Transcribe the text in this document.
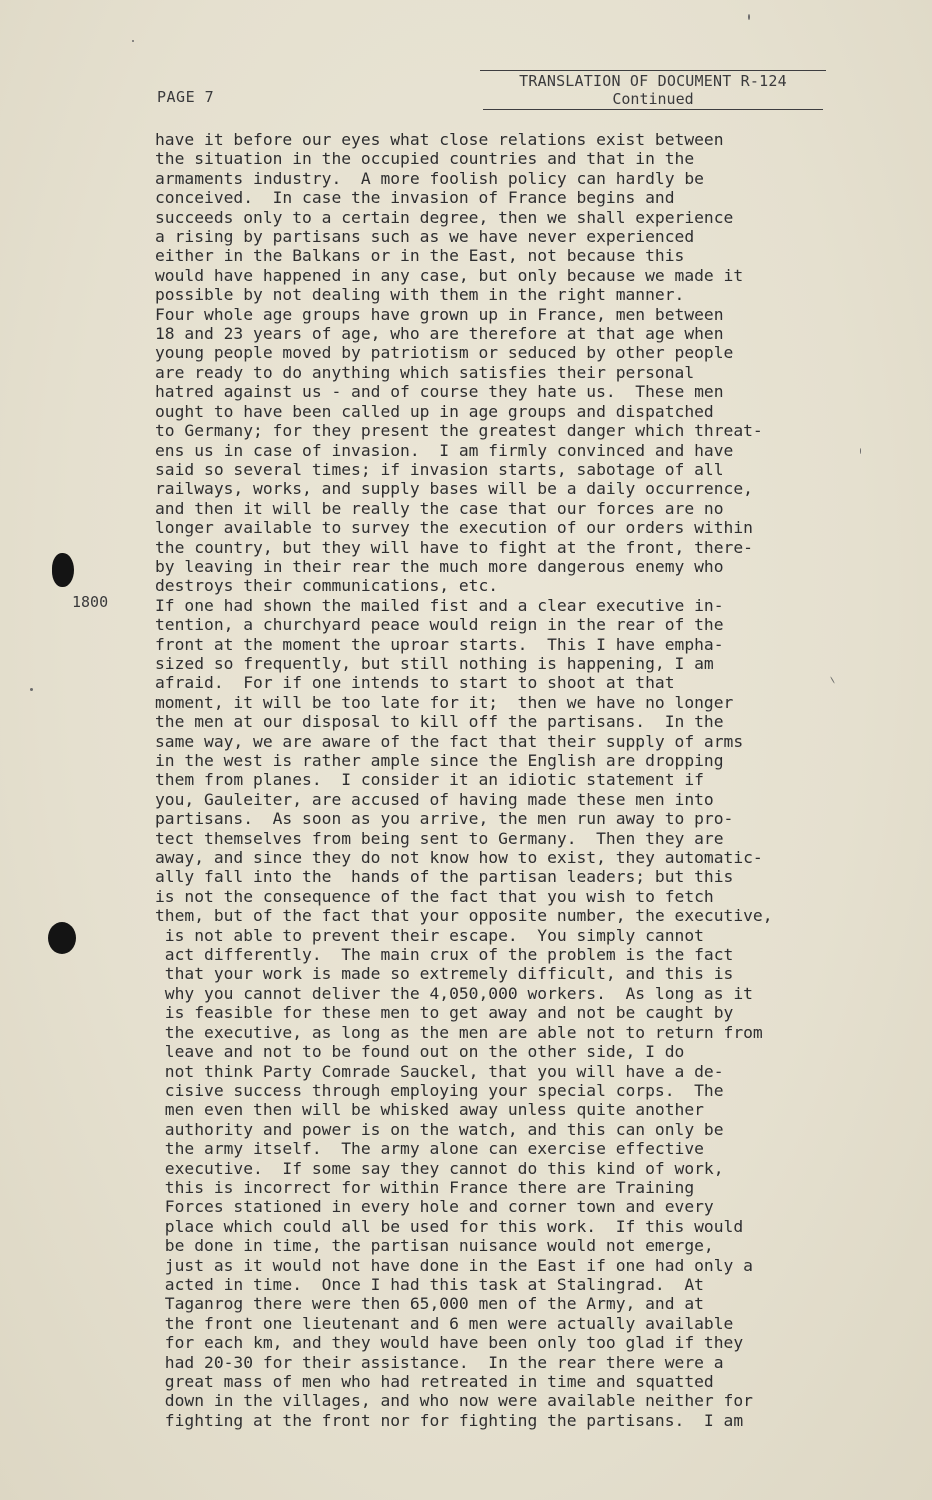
PAGE 7
TRANSLATION OF DOCUMENT R-124
Continued
1800
have it before our eyes what close relations exist between
the situation in the occupied countries and that in the
armaments industry.  A more foolish policy can hardly be
conceived.  In case the invasion of France begins and
succeeds only to a certain degree, then we shall experience
a rising by partisans such as we have never experienced
either in the Balkans or in the East, not because this
would have happened in any case, but only because we made it
possible by not dealing with them in the right manner.
Four whole age groups have grown up in France, men between
18 and 23 years of age, who are therefore at that age when
young people moved by patriotism or seduced by other people
are ready to do anything which satisfies their personal
hatred against us - and of course they hate us.  These men
ought to have been called up in age groups and dispatched
to Germany; for they present the greatest danger which threat-
ens us in case of invasion.  I am firmly convinced and have
said so several times; if invasion starts, sabotage of all
railways, works, and supply bases will be a daily occurrence,
and then it will be really the case that our forces are no
longer available to survey the execution of our orders within
the country, but they will have to fight at the front, there-
by leaving in their rear the much more dangerous enemy who
destroys their communications, etc.
If one had shown the mailed fist and a clear executive in-
tention, a churchyard peace would reign in the rear of the
front at the moment the uproar starts.  This I have empha-
sized so frequently, but still nothing is happening, I am
afraid.  For if one intends to start to shoot at that
moment, it will be too late for it;  then we have no longer
the men at our disposal to kill off the partisans.  In the
same way, we are aware of the fact that their supply of arms
in the west is rather ample since the English are dropping
them from planes.  I consider it an idiotic statement if
you, Gauleiter, are accused of having made these men into
partisans.  As soon as you arrive, the men run away to pro-
tect themselves from being sent to Germany.  Then they are
away, and since they do not know how to exist, they automatic-
ally fall into the  hands of the partisan leaders; but this
is not the consequence of the fact that you wish to fetch
them, but of the fact that your opposite number, the executive,
is not able to prevent their escape.  You simply cannot
act differently.  The main crux of the problem is the fact
that your work is made so extremely difficult, and this is
why you cannot deliver the 4,050,000 workers.  As long as it
is feasible for these men to get away and not be caught by
the executive, as long as the men are able not to return from
leave and not to be found out on the other side, I do
not think Party Comrade Sauckel, that you will have a de-
cisive success through employing your special corps.  The
men even then will be whisked away unless quite another
authority and power is on the watch, and this can only be
the army itself.  The army alone can exercise effective
executive.  If some say they cannot do this kind of work,
this is incorrect for within France there are Training
Forces stationed in every hole and corner town and every
place which could all be used for this work.  If this would
be done in time, the partisan nuisance would not emerge,
just as it would not have done in the East if one had only a
acted in time.  Once I had this task at Stalingrad.  At
Taganrog there were then 65,000 men of the Army, and at
the front one lieutenant and 6 men were actually available
for each km, and they would have been only too glad if they
had 20-30 for their assistance.  In the rear there were a
great mass of men who had retreated in time and squatted
down in the villages, and who now were available neither for
fighting at the front nor for fighting the partisans.  I am
